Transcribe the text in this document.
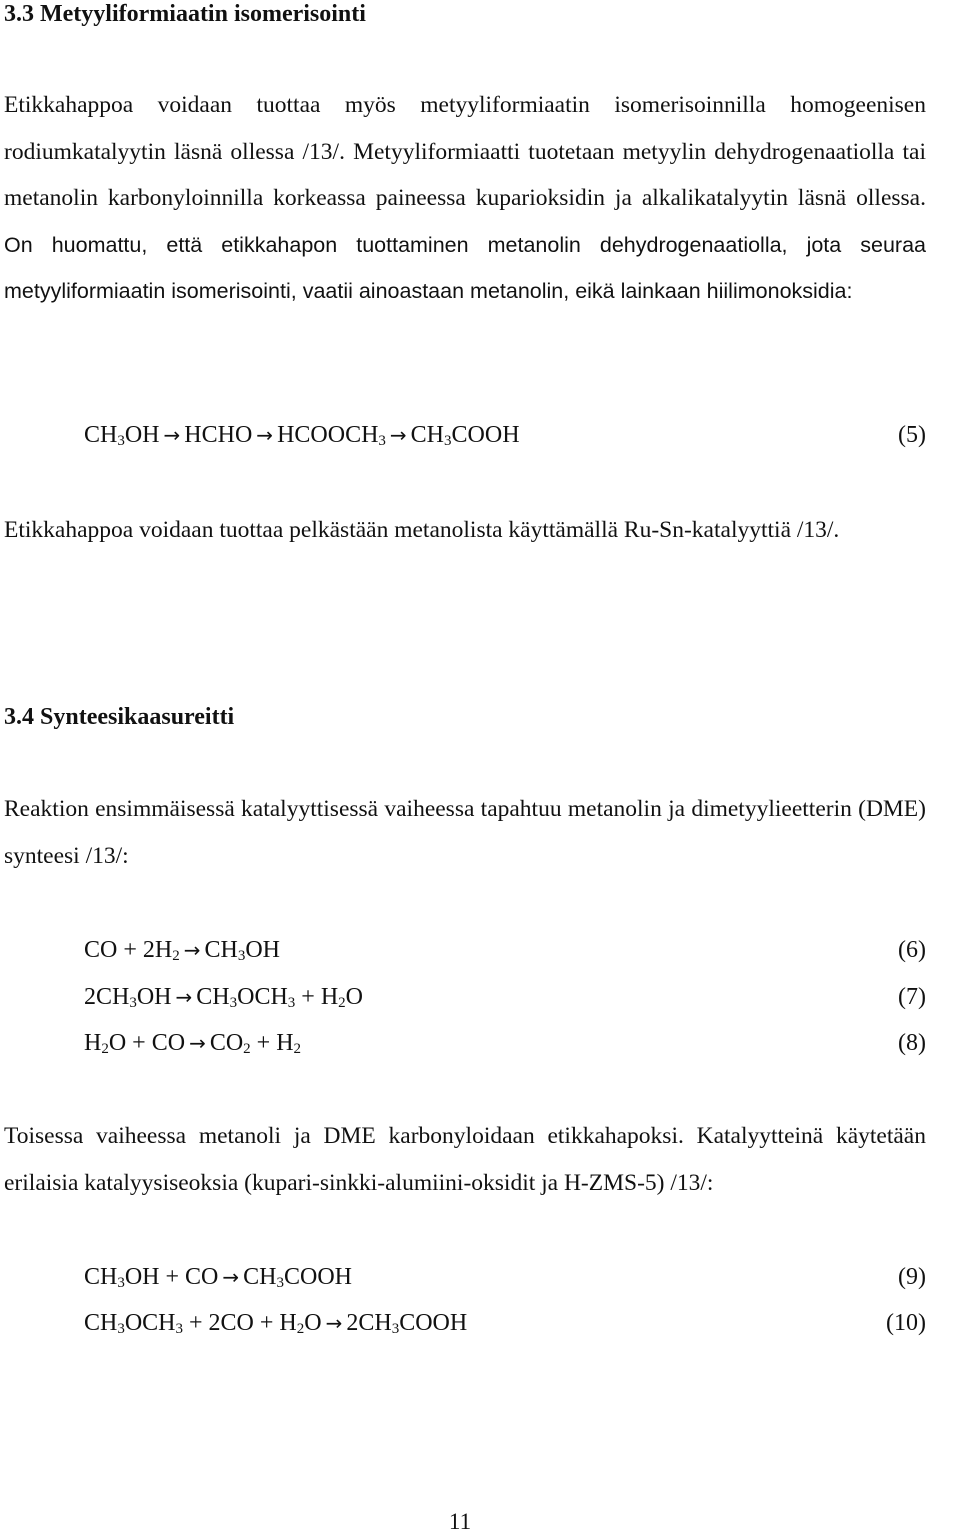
3.3 Metyyliformiaatin isomerisointi

Etikkahappoa voidaan tuottaa myös metyyliformiaatin isomerisoinnilla homogeenisen rodiumkatalyytin läsnä ollessa /13/. Metyyliformiaatti tuotetaan metyylin dehydrogenaatiolla tai metanolin karbonyloinnilla korkeassa paineessa kuparioksidin ja alkalikatalyytin läsnä ollessa. On huomattu, että etikkahapon tuottaminen metanolin dehydrogenaatiolla, jota seuraa metyyliformiaatin isomerisointi, vaatii ainoastaan metanolin, eikä lainkaan hiilimonoksidia:

$CH_3OH$ → HCHO → $HCOOCH_3$ → $CH_3COOH$	(5)

Etikkahappoa voidaan tuottaa pelkästään metanolista käyttämällä Ru-Sn-katalyyttiä /13/.

3.4 Synteesikaasureitti

Reaktion ensimmäisessä katalyyttisessä vaiheessa tapahtuu metanolin ja dimetyylieetterin (DME) synteesi /13/:

CO + $2H_2 \to CH_3OH$	(6)
$2CH_3OH \to CH_3OCH_3 + H_2O$	(7)
$H_2O$ + CO → $CO_2 + H_2$	(8)

Toisessa vaiheessa metanoli ja DME karbonyloidaan etikkahapoksi. Katalyytteinä käytetään erilaisia katalyysiseoksia (kupari-sinkki-alumiini-oksidit ja H-ZMS-5) /13/:

$CH_3OH$ + CO → $CH_3COOH$	(9)
$CH_3OCH_3 + 2CO + H_2O$ → $2CH_3COOH$	(10)
11
